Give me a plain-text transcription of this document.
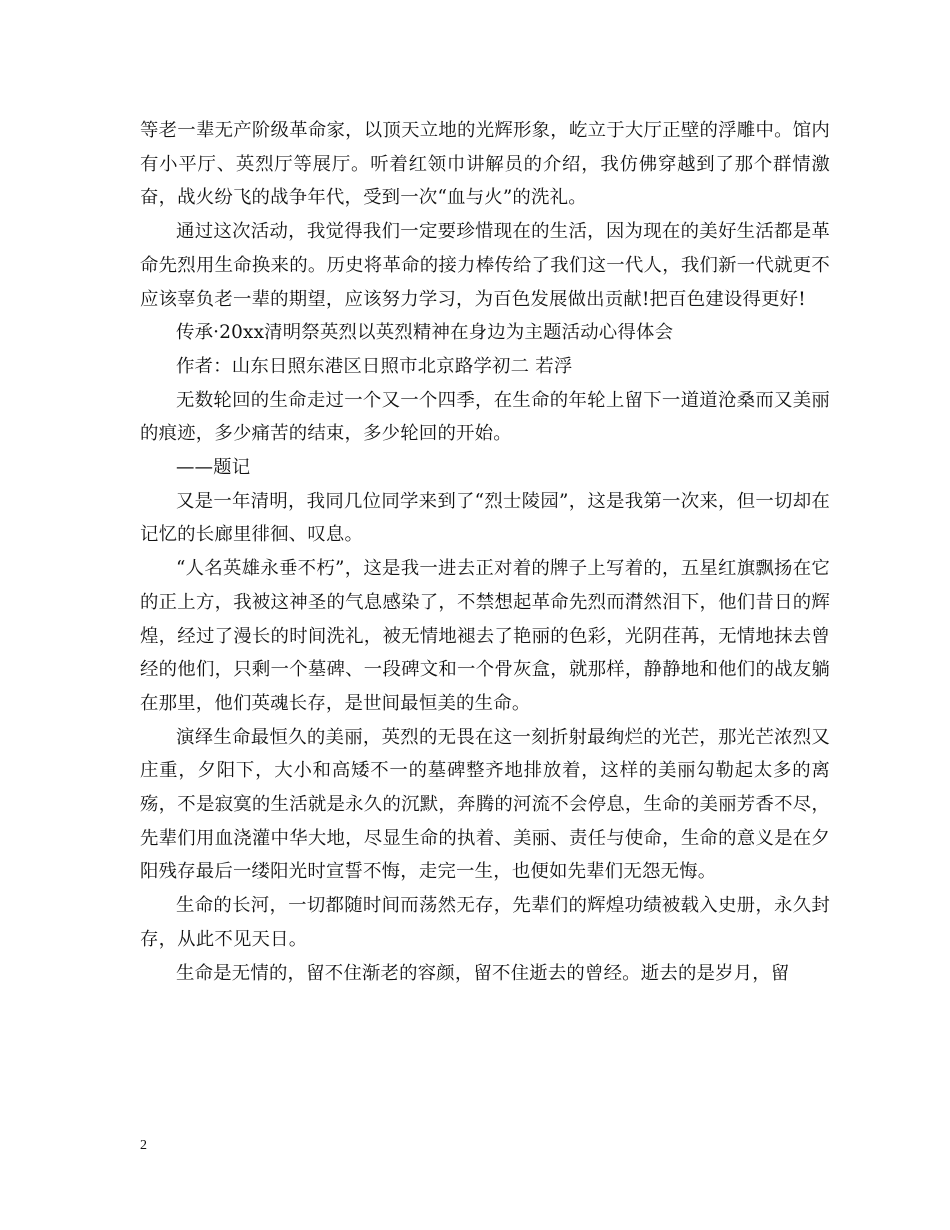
等老一辈无产阶级革命家，以顶天立地的光辉形象，屹立于大厅正壁的浮雕中。馆内有小平厅、英烈厅等展厅。听着红领巾讲解员的介绍，我仿佛穿越到了那个群情激奋，战火纷飞的战争年代，受到一次“血与火”的洗礼。

通过这次活动，我觉得我们一定要珍惜现在的生活，因为现在的美好生活都是革命先烈用生命换来的。历史将革命的接力棒传给了我们这一代人，我们新一代就更不应该辜负老一辈的期望，应该努力学习，为百色发展做出贡献!把百色建设得更好!

传承·20xx清明祭英烈以英烈精神在身边为主题活动心得体会

作者：山东日照东港区日照市北京路学初二 若浮

无数轮回的生命走过一个又一个四季，在生命的年轮上留下一道道沧桑而又美丽的痕迹，多少痛苦的结束，多少轮回的开始。

——题记

又是一年清明，我同几位同学来到了“烈士陵园”，这是我第一次来，但一切却在记忆的长廊里徘徊、叹息。

“人名英雄永垂不朽”，这是我一进去正对着的牌子上写着的，五星红旗飘扬在它的正上方，我被这神圣的气息感染了，不禁想起革命先烈而潸然泪下，他们昔日的辉煌，经过了漫长的时间洗礼，被无情地褪去了艳丽的色彩，光阴荏苒，无情地抹去曾经的他们，只剩一个墓碑、一段碑文和一个骨灰盒，就那样，静静地和他们的战友躺在那里，他们英魂长存，是世间最恒美的生命。

演绎生命最恒久的美丽，英烈的无畏在这一刻折射最绚烂的光芒，那光芒浓烈又庄重，夕阳下，大小和高矮不一的墓碑整齐地排放着，这样的美丽勾勒起太多的离殇，不是寂寞的生活就是永久的沉默，奔腾的河流不会停息，生命的美丽芳香不尽，先辈们用血浇灌中华大地，尽显生命的执着、美丽、责任与使命，生命的意义是在夕阳残存最后一缕阳光时宣誓不悔，走完一生，也便如先辈们无怨无悔。

生命的长河，一切都随时间而荡然无存，先辈们的辉煌功绩被载入史册，永久封存，从此不见天日。

生命是无情的，留不住渐老的容颜，留不住逝去的曾经。逝去的是岁月，留

2
